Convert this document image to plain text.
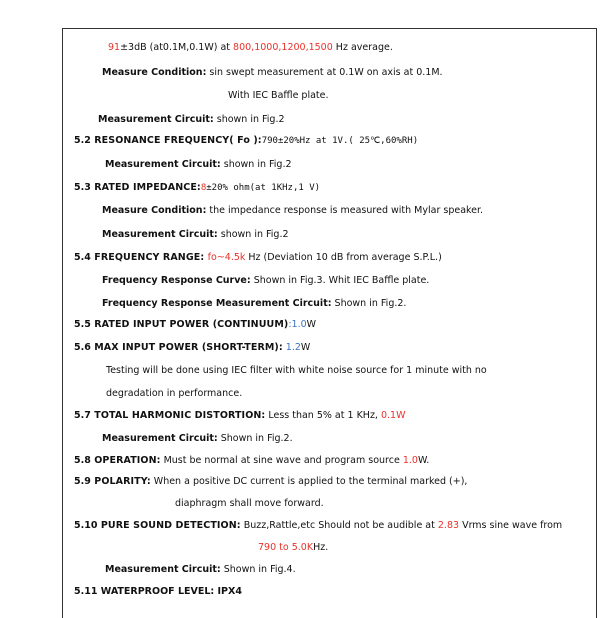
91±3dB (at0.1M,0.1W) at 800,1000,1200,1500 Hz average.
Measure Condition: sin swept measurement at 0.1W on axis at 0.1M.
With IEC Baffle plate.
Measurement Circuit: shown in Fig.2
5.2 RESONANCE FREQUENCY( Fo ):790±20%Hz at 1V.( 25℃,60%RH)
Measurement Circuit: shown in Fig.2
5.3 RATED IMPEDANCE:8±20% ohm(at 1KHz,1 V)
Measure Condition: the impedance response is measured with Mylar speaker.
Measurement Circuit: shown in Fig.2
5.4 FREQUENCY RANGE: fo~4.5k Hz (Deviation 10 dB from average S.P.L.)
Frequency Response Curve: Shown in Fig.3. Whit IEC Baffle plate.
Frequency Response Measurement Circuit: Shown in Fig.2.
5.5 RATED INPUT POWER (CONTINUUM):1.0W
5.6 MAX INPUT POWER (SHORT-TERM): 1.2W
Testing will be done using IEC filter with white noise source for 1 minute with no
degradation in performance.
5.7 TOTAL HARMONIC DISTORTION: Less than 5% at 1 KHz, 0.1W
Measurement Circuit: Shown in Fig.2.
5.8 OPERATION: Must be normal at sine wave and program source 1.0W.
5.9 POLARITY: When a positive DC current is applied to the terminal marked (+),
diaphragm shall move forward.
5.10 PURE SOUND DETECTION: Buzz,Rattle,etc Should not be audible at 2.83 Vrms sine wave from
790 to 5.0KHz.
Measurement Circuit: Shown in Fig.4.
5.11 WATERPROOF LEVEL: IPX4
